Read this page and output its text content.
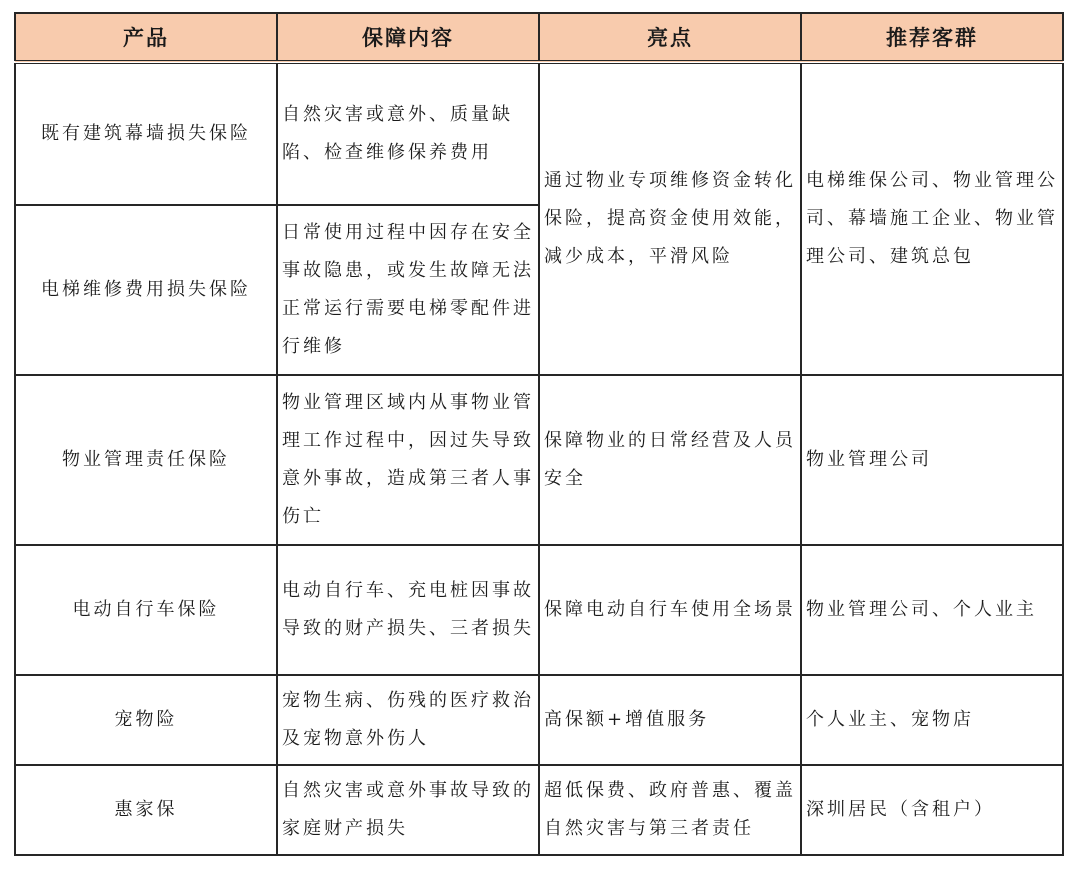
产品	保障内容	亮点	推荐客群
既有建筑幕墙损失保险	自然灾害或意外、质量缺陷、检查维修保养费用	通过物业专项维修资金转化保险，提高资金使用效能，减少成本，平滑风险	电梯维保公司、物业管理公司、幕墙施工企业、物业管理公司、建筑总包
电梯维修费用损失保险	日常使用过程中因存在安全事故隐患，或发生故障无法正常运行需要电梯零配件进行维修		
物业管理责任保险	物业管理区域内从事物业管理工作过程中，因过失导致意外事故，造成第三者人事伤亡	保障物业的日常经营及人员安全	物业管理公司
电动自行车保险	电动自行车、充电桩因事故导致的财产损失、三者损失	保障电动自行车使用全场景	物业管理公司、个人业主
宠物险	宠物生病、伤残的医疗救治及宠物意外伤人	高保额+增值服务	个人业主、宠物店
惠家保	自然灾害或意外事故导致的家庭财产损失	超低保费、政府普惠、覆盖自然灾害与第三者责任	深圳居民（含租户）
